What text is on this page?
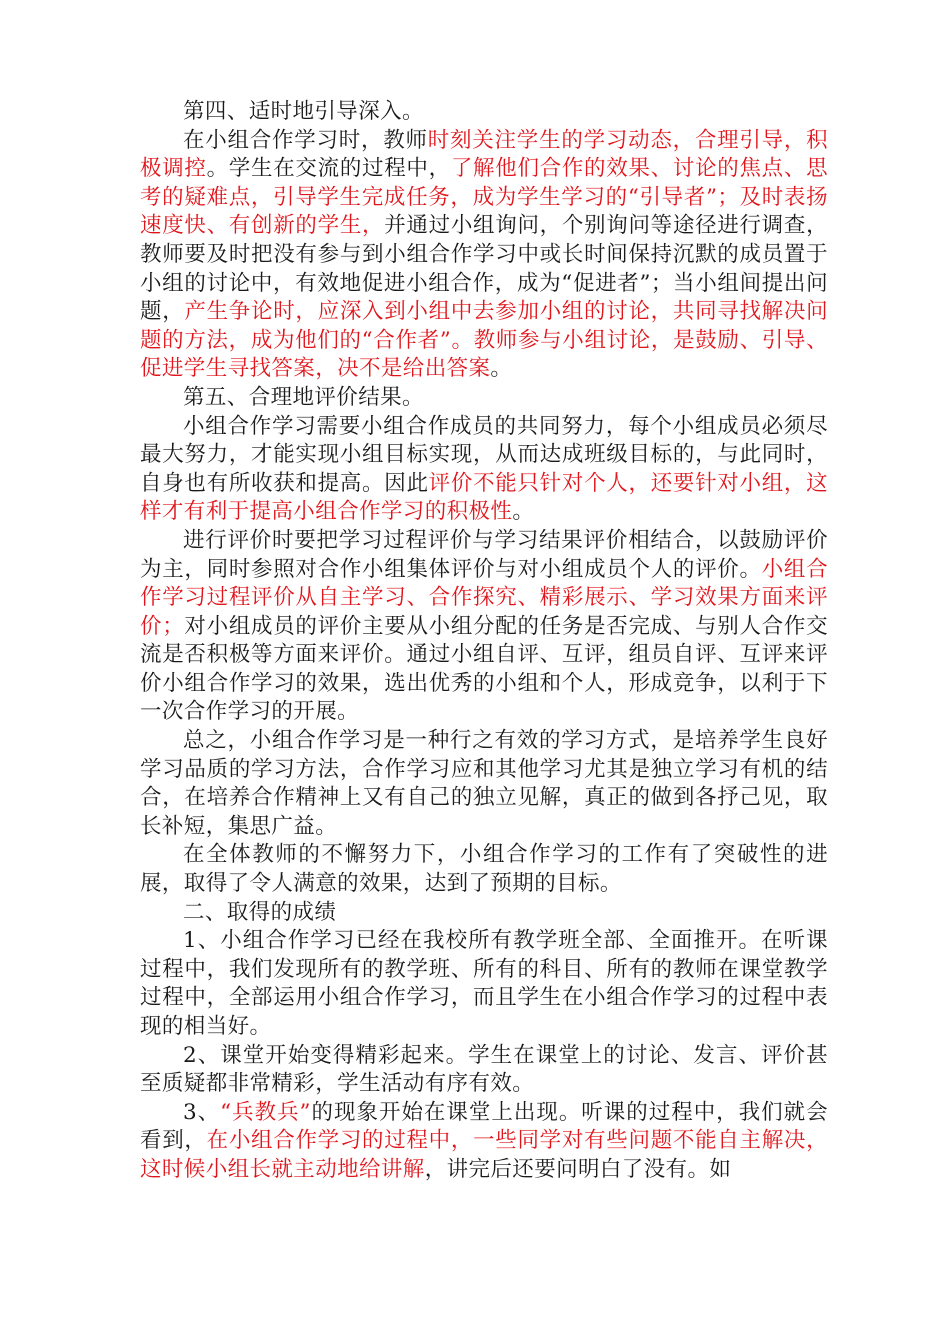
第四、适时地引导深入。

在小组合作学习时，教师时刻关注学生的学习动态，合理引导，积极调控。学生在交流的过程中，了解他们合作的效果、讨论的焦点、思考的疑难点，引导学生完成任务，成为学生学习的“引导者”；及时表扬速度快、有创新的学生，并通过小组询问，个别询问等途径进行调查，教师要及时把没有参与到小组合作学习中或长时间保持沉默的成员置于小组的讨论中，有效地促进小组合作，成为“促进者”；当小组间提出问题，产生争论时，应深入到小组中去参加小组的讨论，共同寻找解决问题的方法，成为他们的“合作者”。教师参与小组讨论，是鼓励、引导、促进学生寻找答案，决不是给出答案。

第五、合理地评价结果。

小组合作学习需要小组合作成员的共同努力，每个小组成员必须尽最大努力，才能实现小组目标实现，从而达成班级目标的，与此同时，自身也有所收获和提高。因此评价不能只针对个人，还要针对小组，这样才有利于提高小组合作学习的积极性。

进行评价时要把学习过程评价与学习结果评价相结合，以鼓励评价为主，同时参照对合作小组集体评价与对小组成员个人的评价。小组合作学习过程评价从自主学习、合作探究、精彩展示、学习效果方面来评价；对小组成员的评价主要从小组分配的任务是否完成、与别人合作交流是否积极等方面来评价。通过小组自评、互评，组员自评、互评来评价小组合作学习的效果，选出优秀的小组和个人，形成竞争，以利于下一次合作学习的开展。

总之，小组合作学习是一种行之有效的学习方式，是培养学生良好学习品质的学习方法，合作学习应和其他学习尤其是独立学习有机的结合，在培养合作精神上又有自己的独立见解，真正的做到各抒己见，取长补短，集思广益。

在全体教师的不懈努力下，小组合作学习的工作有了突破性的进展，取得了令人满意的效果，达到了预期的目标。

二、取得的成绩

1、小组合作学习已经在我校所有教学班全部、全面推开。在听课过程中，我们发现所有的教学班、所有的科目、所有的教师在课堂教学过程中，全部运用小组合作学习，而且学生在小组合作学习的过程中表现的相当好。

2、课堂开始变得精彩起来。学生在课堂上的讨论、发言、评价甚至质疑都非常精彩，学生活动有序有效。

3、“兵教兵”的现象开始在课堂上出现。听课的过程中，我们就会看到，在小组合作学习的过程中，一些同学对有些问题不能自主解决，这时候小组长就主动地给讲解，讲完后还要问明白了没有。如
